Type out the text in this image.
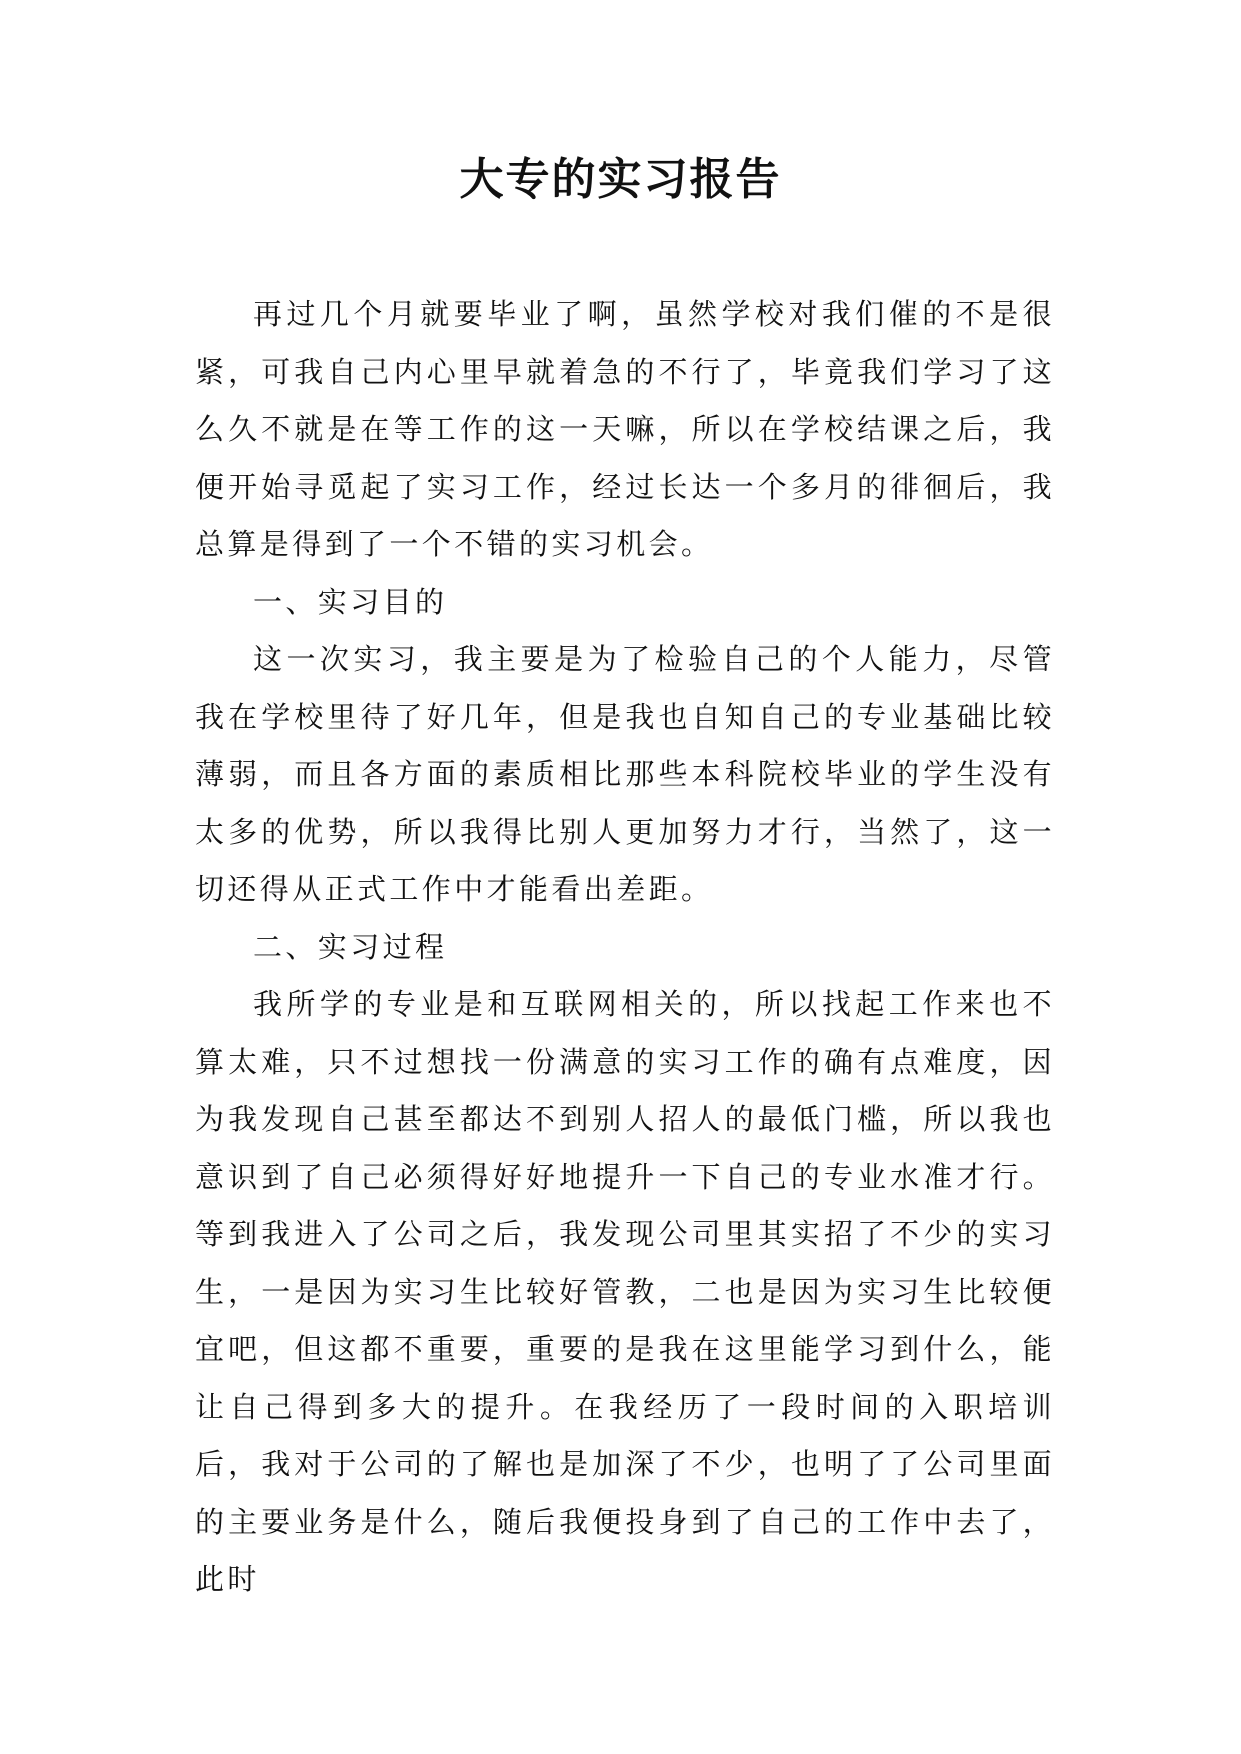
大专的实习报告

再过几个月就要毕业了啊，虽然学校对我们催的不是很紧，可我自己内心里早就着急的不行了，毕竟我们学习了这么久不就是在等工作的这一天嘛，所以在学校结课之后，我便开始寻觅起了实习工作，经过长达一个多月的徘徊后，我总算是得到了一个不错的实习机会。

一、实习目的

这一次实习，我主要是为了检验自己的个人能力，尽管我在学校里待了好几年，但是我也自知自己的专业基础比较薄弱，而且各方面的素质相比那些本科院校毕业的学生没有太多的优势，所以我得比别人更加努力才行，当然了，这一切还得从正式工作中才能看出差距。

二、实习过程

我所学的专业是和互联网相关的，所以找起工作来也不算太难，只不过想找一份满意的实习工作的确有点难度，因为我发现自己甚至都达不到别人招人的最低门槛，所以我也意识到了自己必须得好好地提升一下自己的专业水准才行。等到我进入了公司之后，我发现公司里其实招了不少的实习生，一是因为实习生比较好管教，二也是因为实习生比较便宜吧，但这都不重要，重要的是我在这里能学习到什么，能让自己得到多大的提升。在我经历了一段时间的入职培训后，我对于公司的了解也是加深了不少，也明了了公司里面的主要业务是什么，随后我便投身到了自己的工作中去了，此时
